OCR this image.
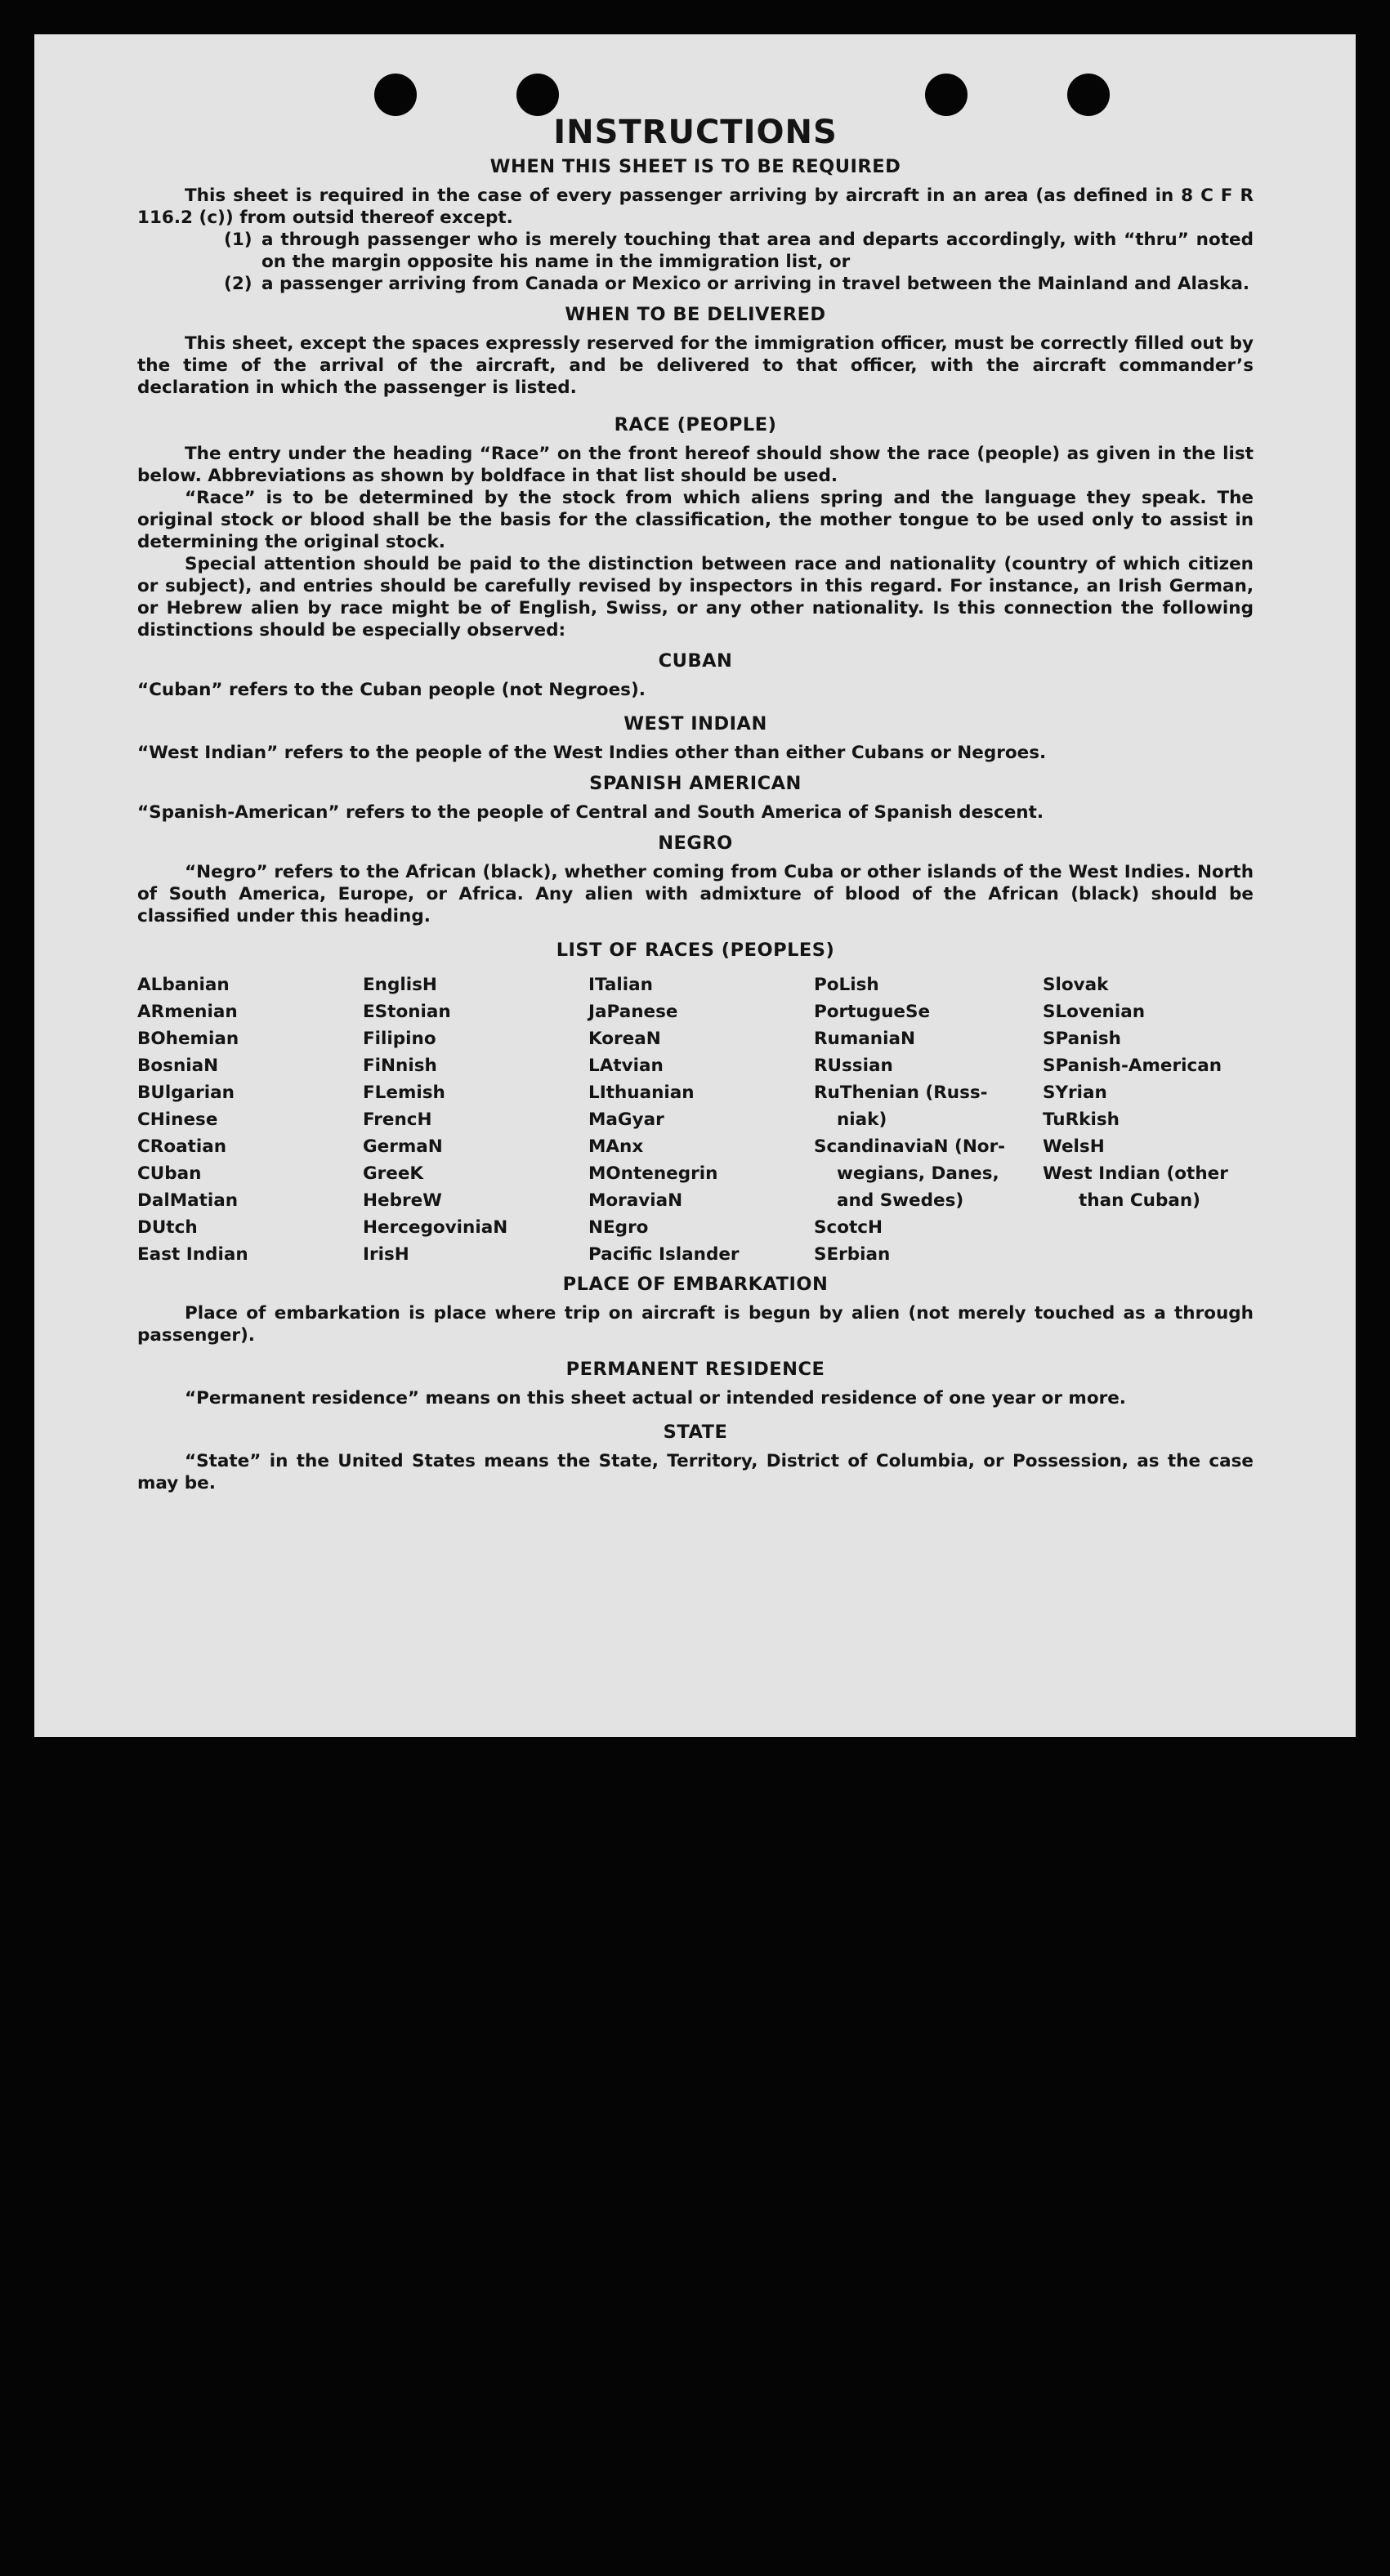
INSTRUCTIONS
WHEN THIS SHEET IS TO BE REQUIRED

This sheet is required in the case of every passenger arriving by aircraft in an area (as defined in 8 C F R 116.2 (c)) from outsid thereof except.

(1) a through passenger who is merely touching that area and departs accordingly, with “thru” noted on the margin opposite his name in the immigration list, or
(2) a passenger arriving from Canada or Mexico or arriving in travel between the Mainland and Alaska.
WHEN TO BE DELIVERED

This sheet, except the spaces expressly reserved for the immigration officer, must be correctly filled out by the time of the arrival of the aircraft, and be delivered to that officer, with the aircraft commander’s declaration in which the passenger is listed.

RACE (PEOPLE)

The entry under the heading “Race” on the front hereof should show the race (people) as given in the list below. Abbreviations as shown by boldface in that list should be used.

“Race” is to be determined by the stock from which aliens spring and the language they speak. The original stock or blood shall be the basis for the classification, the mother tongue to be used only to assist in determining the original stock.

Special attention should be paid to the distinction between race and nationality (country of which citizen or subject), and entries should be carefully revised by inspectors in this regard. For instance, an Irish German, or Hebrew alien by race might be of English, Swiss, or any other nationality. Is this connection the following distinctions should be especially observed:

CUBAN

“Cuban” refers to the Cuban people (not Negroes).

WEST INDIAN

“West Indian” refers to the people of the West Indies other than either Cubans or Negroes.

SPANISH AMERICAN

“Spanish-American” refers to the people of Central and South America of Spanish descent.

NEGRO

“Negro” refers to the African (black), whether coming from Cuba or other islands of the West Indies. North of South America, Europe, or Africa. Any alien with admixture of blood of the African (black) should be classified under this heading.

LIST OF RACES (PEOPLES)
ALbanian
ARmenian
BOhemian
BosniaN
BUlgarian
CHinese
CRoatian
CUban
DalMatian
DUtch
East Indian
EnglisH
EStonian
Filipino
FiNnish
FLemish
FrencH
GermaN
GreeK
HebreW
HercegoviniaN
IrisH
ITalian
JaPanese
KoreaN
LAtvian
LIthuanian
MaGyar
MAnx
MOntenegrin
MoraviaN
NEgro
Pacific Islander
PoLish
PortugueSe
RumaniaN
RUssian
RuThenian (Russ-
niak)
ScandinaviaN (Nor-
wegians, Danes,
and Swedes)
ScotcH
SErbian
Slovak
SLovenian
SPanish
SPanish-American
SYrian
TuRkish
WelsH
West Indian (other
than Cuban)
PLACE OF EMBARKATION

Place of embarkation is place where trip on aircraft is begun by alien (not merely touched as a through passenger).

PERMANENT RESIDENCE

“Permanent residence” means on this sheet actual or intended residence of one year or more.

STATE

“State” in the United States means the State, Territory, District of Columbia, or Possession, as the case may be.
